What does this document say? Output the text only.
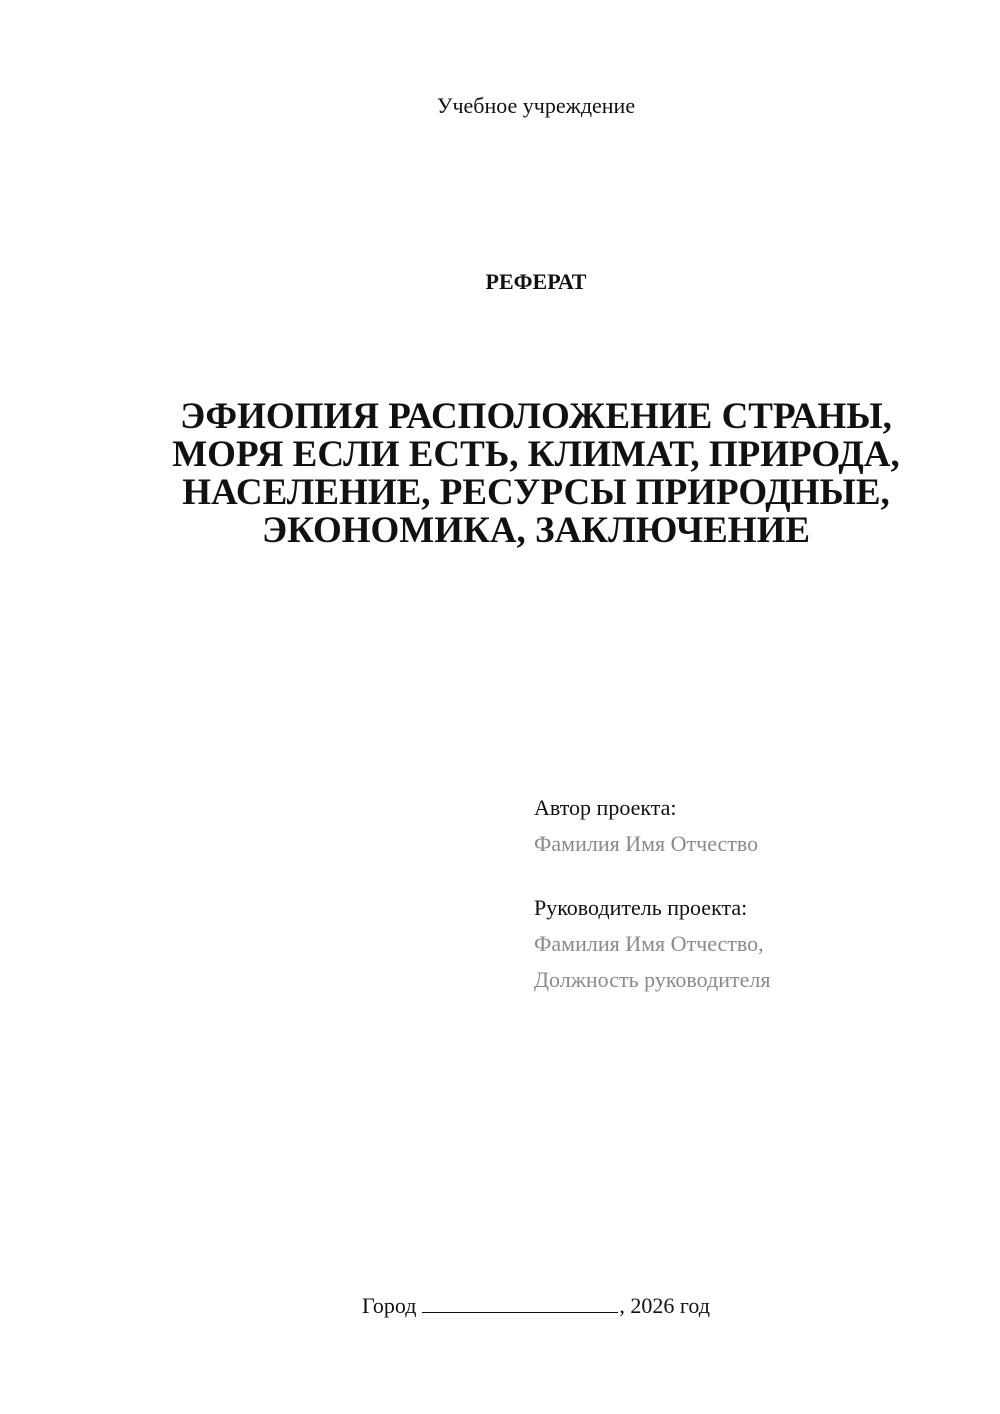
Учебное учреждение
РЕФЕРАТ
ЭФИОПИЯ РАСПОЛОЖЕНИЕ СТРАНЫ,
МОРЯ ЕСЛИ ЕСТЬ, КЛИМАТ, ПРИРОДА,
НАСЕЛЕНИЕ, РЕСУРСЫ ПРИРОДНЫЕ,
ЭКОНОМИКА, ЗАКЛЮЧЕНИЕ
Автор проекта:
Фамилия Имя Отчество
Руководитель проекта:
Фамилия Имя Отчество,
Должность руководителя
Город	, 2026 год
